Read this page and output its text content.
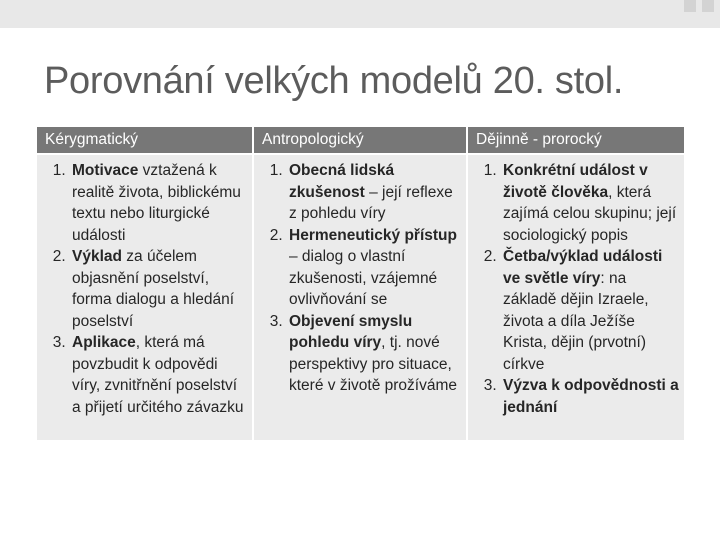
Porovnání velkých modelů 20. stol.
Kérygmatický	Antropologický	Dějinně - prorocký
1. Motivace vztažená k realitě života, biblickému textu nebo liturgické události
2. Výklad za účelem objasnění poselství, forma dialogu a hledání poselství
3. Aplikace, která má povzbudit k odpovědi víry, zvnitřnění poselství a přijetí určitého závazku
1. Obecná lidská zkušenost – její reflexe z pohledu víry
2. Hermeneutický přístup – dialog o vlastní zkušenosti, vzájemné ovlivňování se
3. Objevení smyslu pohledu víry, tj. nové perspektivy pro situace, které v životě prožíváme
1. Konkrétní událost v životě člověka, která zajímá celou skupinu; její sociologický popis
2. Četba/výklad události ve světle víry: na základě dějin Izraele, života a díla Ježíše Krista, dějin (prvotní) církve
3. Výzva k odpovědnosti a jednání
